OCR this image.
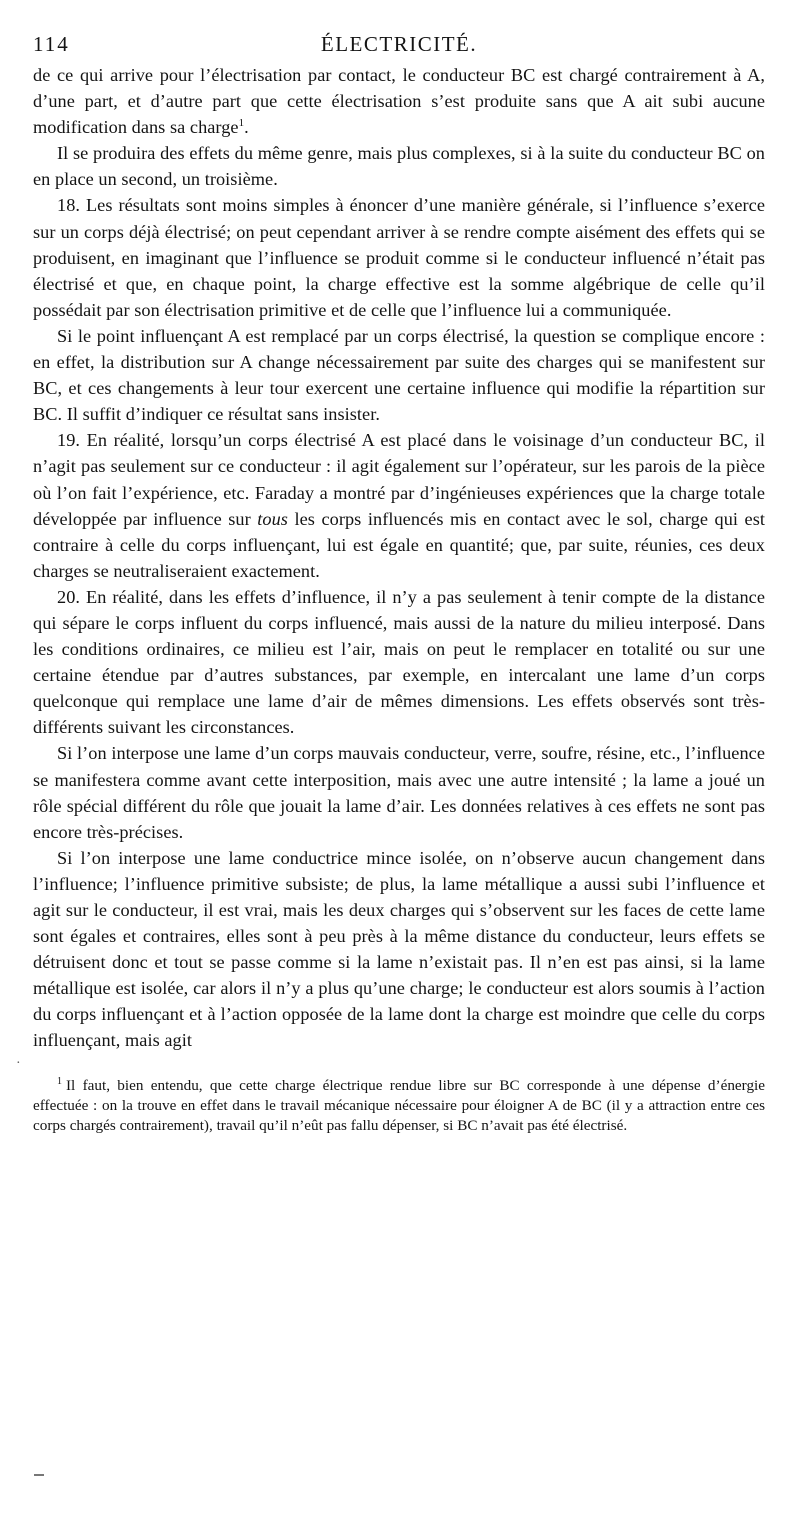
114	ÉLECTRICITÉ.

de ce qui arrive pour l’électrisation par contact, le conducteur BC est chargé contrairement à A, d’une part, et d’autre part que cette électrisation s’est produite sans que A ait subi aucune modification dans sa charge$^1$.

Il se produira des effets du même genre, mais plus complexes, si à la suite du conducteur BC on en place un second, un troisième.

18. Les résultats sont moins simples à énoncer d’une manière générale, si l’influence s’exerce sur un corps déjà électrisé; on peut cependant arriver à se rendre compte aisément des effets qui se produisent, en imaginant que l’influence se produit comme si le conducteur influencé n’était pas électrisé et que, en chaque point, la charge effective est la somme algébrique de celle qu’il possédait par son électrisation primitive et de celle que l’influence lui a communiquée.

Si le point influençant A est remplacé par un corps électrisé, la question se complique encore : en effet, la distribution sur A change nécessairement par suite des charges qui se manifestent sur BC, et ces changements à leur tour exercent une certaine influence qui modifie la répartition sur BC. Il suffit d’indiquer ce résultat sans insister.

19. En réalité, lorsqu’un corps électrisé A est placé dans le voisinage d’un conducteur BC, il n’agit pas seulement sur ce conducteur : il agit également sur l’opérateur, sur les parois de la pièce où l’on fait l’expérience, etc. Faraday a montré par d’ingénieuses expériences que la charge totale développée par influence sur tous les corps influencés mis en contact avec le sol, charge qui est contraire à celle du corps influençant, lui est égale en quantité; que, par suite, réunies, ces deux charges se neutraliseraient exactement.

20. En réalité, dans les effets d’influence, il n’y a pas seulement à tenir compte de la distance qui sépare le corps influent du corps influencé, mais aussi de la nature du milieu interposé. Dans les conditions ordinaires, ce milieu est l’air, mais on peut le remplacer en totalité ou sur une certaine étendue par d’autres substances, par exemple, en intercalant une lame d’un corps quelconque qui remplace une lame d’air de mêmes dimensions. Les effets observés sont très-différents suivant les circonstances.

Si l’on interpose une lame d’un corps mauvais conducteur, verre, soufre, résine, etc., l’influence se manifestera comme avant cette interposition, mais avec une autre intensité ; la lame a joué un rôle spécial différent du rôle que jouait la lame d’air. Les données relatives à ces effets ne sont pas encore très-précises.

Si l’on interpose une lame conductrice mince isolée, on n’observe aucun changement dans l’influence; l’influence primitive subsiste; de plus, la lame métallique a aussi subi l’influence et agit sur le conducteur, il est vrai, mais les deux charges qui s’observent sur les faces de cette lame sont égales et contraires, elles sont à peu près à la même distance du conducteur, leurs effets se détruisent donc et tout se passe comme si la lame n’existait pas. Il n’en est pas ainsi, si la lame métallique est isolée, car alors il n’y a plus qu’une charge; le conducteur est alors soumis à l’action du corps influençant et à l’action opposée de la lame dont la charge est moindre que celle du corps influençant, mais agit

$^1$ Il faut, bien entendu, que cette charge électrique rendue libre sur BC corresponde à une dépense d’énergie effectuée : on la trouve en effet dans le travail mécanique nécessaire pour éloigner A de BC (il y a attraction entre ces corps chargés contrairement), travail qu’il n’eût pas fallu dépenser, si BC n’avait pas été électrisé.

·
